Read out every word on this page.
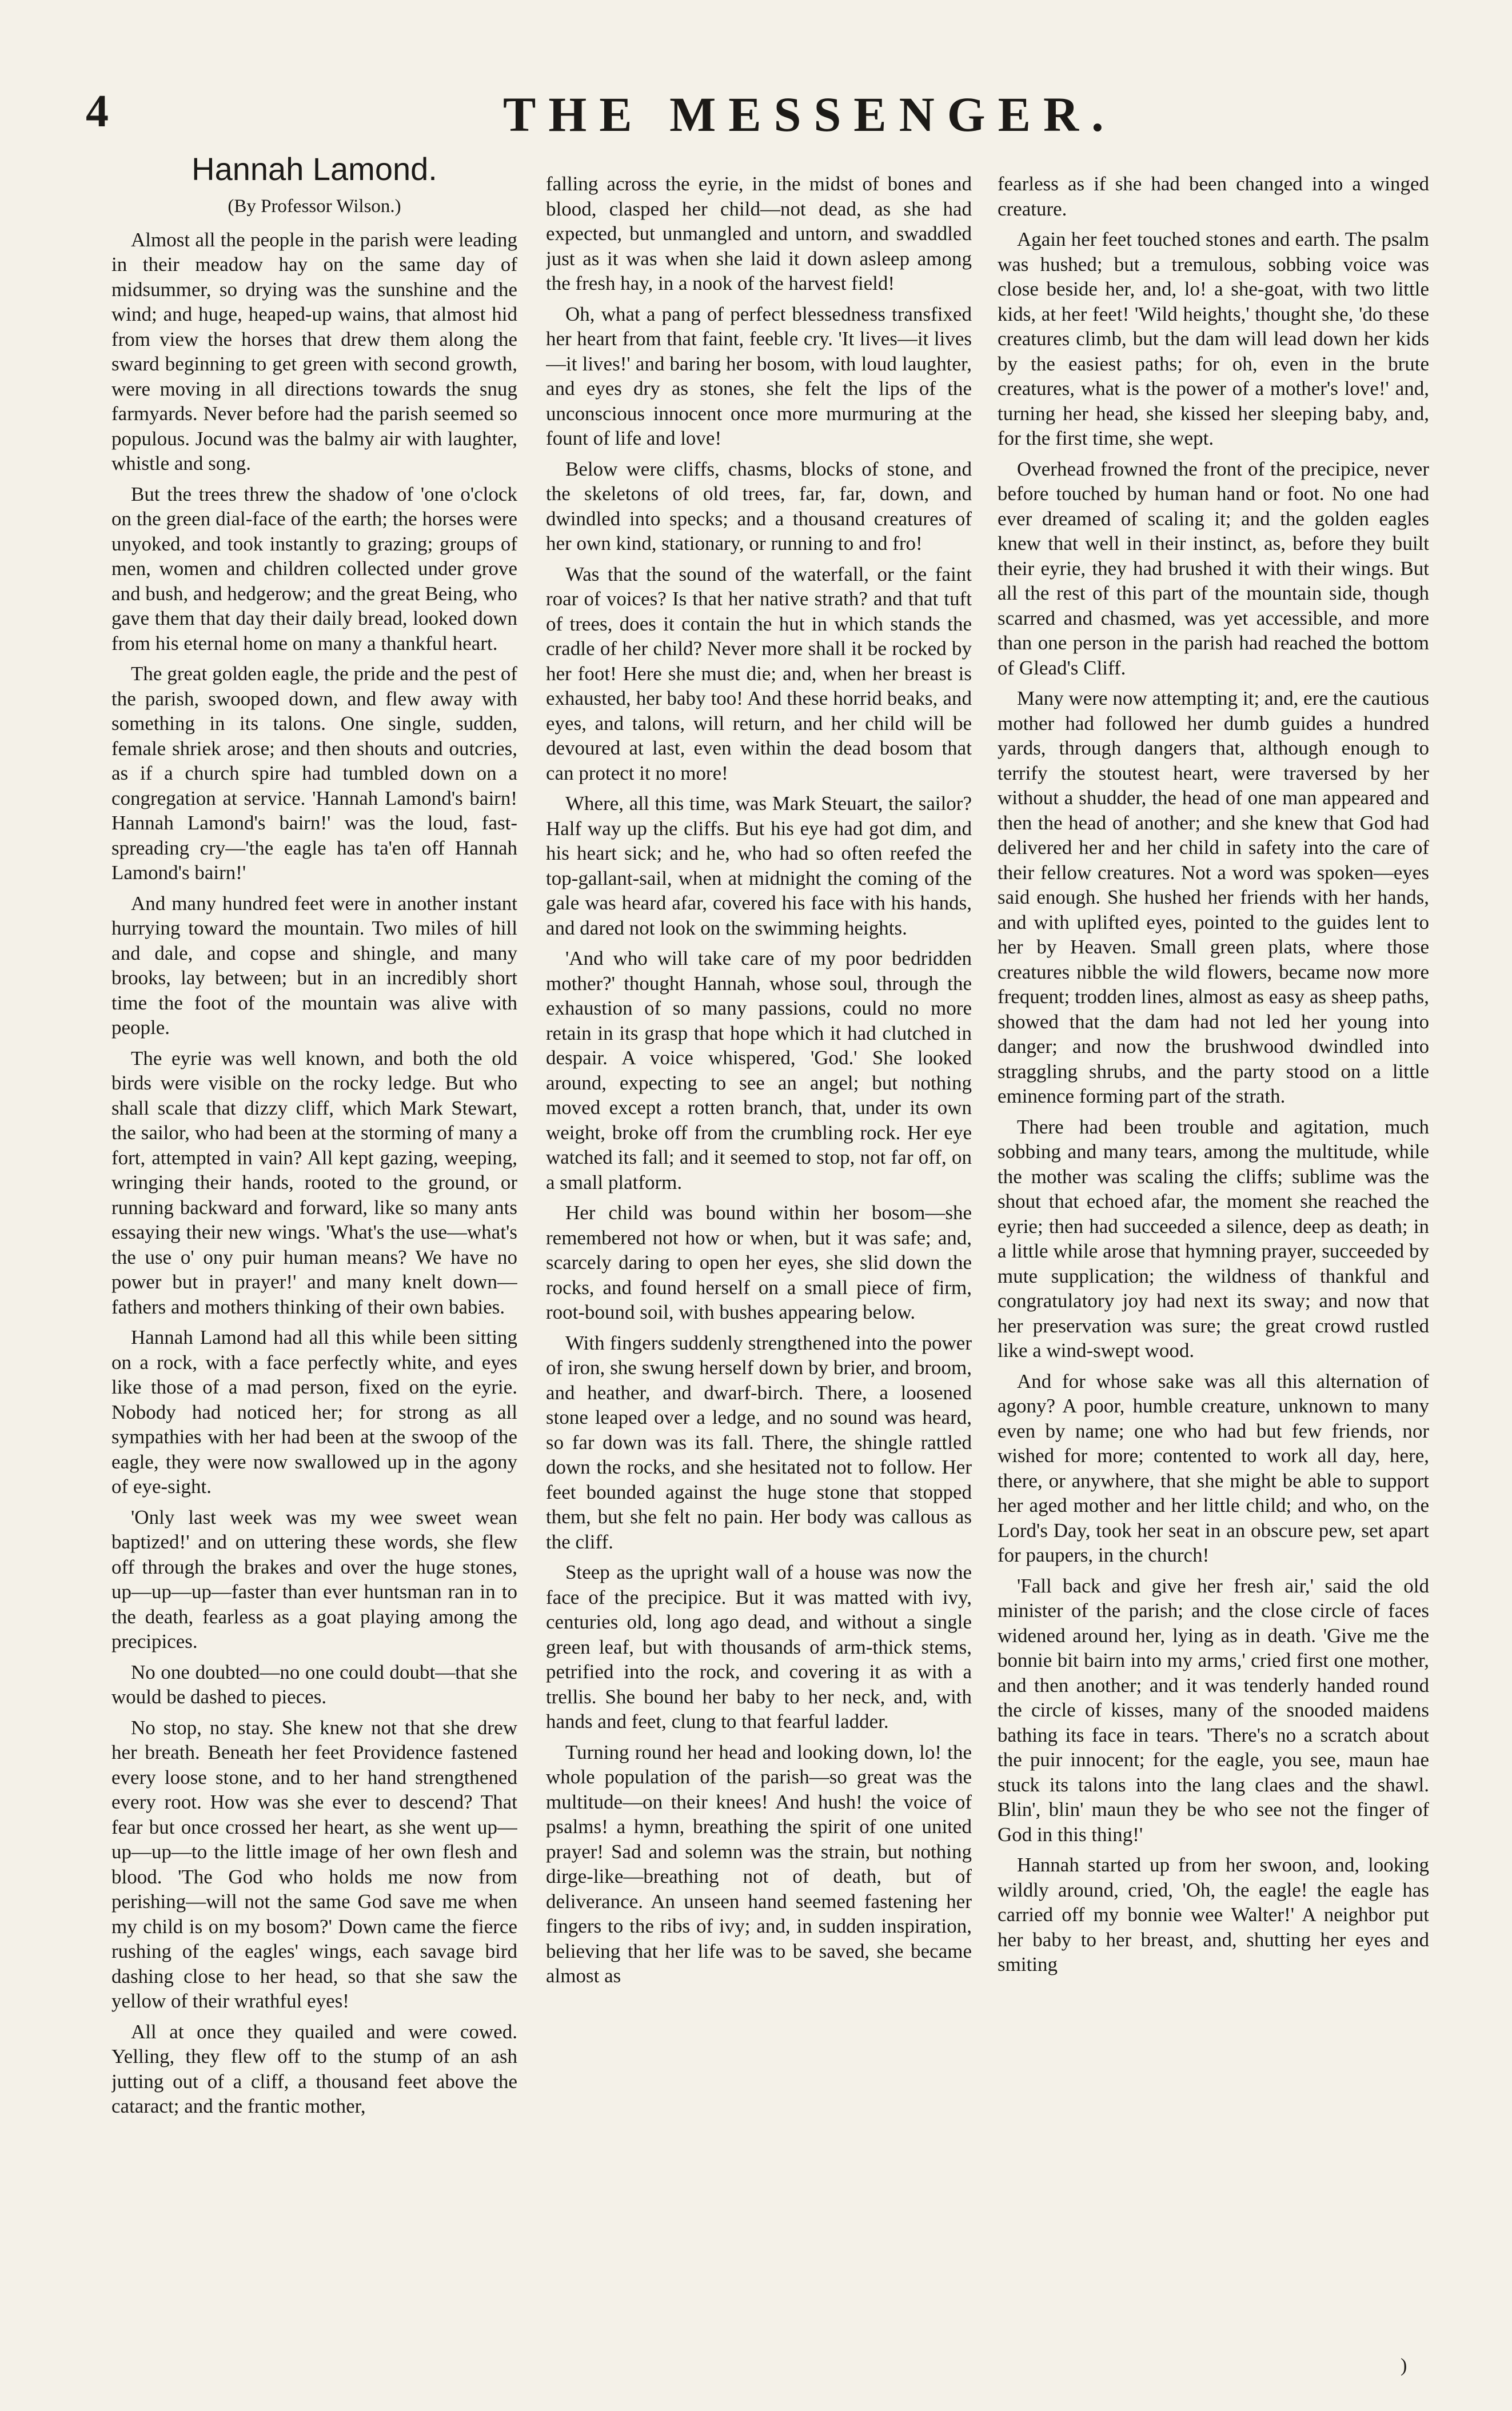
4	THE MESSENGER.
Hannah Lamond.
(By Professor Wilson.)

Almost all the people in the parish were leading in their meadow hay on the same day of midsummer, so drying was the sunshine and the wind; and huge, heaped-up wains, that almost hid from view the horses that drew them along the sward beginning to get green with second growth, were moving in all directions towards the snug farmyards. Never before had the parish seemed so populous. Jocund was the balmy air with laughter, whistle and song.

But the trees threw the shadow of 'one o'clock on the green dial-face of the earth; the horses were unyoked, and took instantly to grazing; groups of men, women and children collected under grove and bush, and hedgerow; and the great Being, who gave them that day their daily bread, looked down from his eternal home on many a thankful heart.

The great golden eagle, the pride and the pest of the parish, swooped down, and flew away with something in its talons. One single, sudden, female shriek arose; and then shouts and outcries, as if a church spire had tumbled down on a congregation at service. 'Hannah Lamond's bairn! Hannah Lamond's bairn!' was the loud, fast-spreading cry—'the eagle has ta'en off Hannah Lamond's bairn!'

And many hundred feet were in another instant hurrying toward the mountain. Two miles of hill and dale, and copse and shingle, and many brooks, lay between; but in an incredibly short time the foot of the mountain was alive with people.

The eyrie was well known, and both the old birds were visible on the rocky ledge. But who shall scale that dizzy cliff, which Mark Stewart, the sailor, who had been at the storming of many a fort, attempted in vain? All kept gazing, weeping, wringing their hands, rooted to the ground, or running backward and forward, like so many ants essaying their new wings. 'What's the use—what's the use o' ony puir human means? We have no power but in prayer!' and many knelt down—fathers and mothers thinking of their own babies.

Hannah Lamond had all this while been sitting on a rock, with a face perfectly white, and eyes like those of a mad person, fixed on the eyrie. Nobody had noticed her; for strong as all sympathies with her had been at the swoop of the eagle, they were now swallowed up in the agony of eye-sight.

'Only last week was my wee sweet wean baptized!' and on uttering these words, she flew off through the brakes and over the huge stones, up—up—up—faster than ever huntsman ran in to the death, fearless as a goat playing among the precipices.

No one doubted—no one could doubt—that she would be dashed to pieces.

No stop, no stay. She knew not that she drew her breath. Beneath her feet Providence fastened every loose stone, and to her hand strengthened every root. How was she ever to descend? That fear but once crossed her heart, as she went up—up—up—to the little image of her own flesh and blood. 'The God who holds me now from perishing—will not the same God save me when my child is on my bosom?' Down came the fierce rushing of the eagles' wings, each savage bird dashing close to her head, so that she saw the yellow of their wrathful eyes!

All at once they quailed and were cowed. Yelling, they flew off to the stump of an ash jutting out of a cliff, a thousand feet above the cataract; and the frantic mother,

falling across the eyrie, in the midst of bones and blood, clasped her child—not dead, as she had expected, but unmangled and untorn, and swaddled just as it was when she laid it down asleep among the fresh hay, in a nook of the harvest field!

Oh, what a pang of perfect blessedness transfixed her heart from that faint, feeble cry. 'It lives—it lives—it lives!' and baring her bosom, with loud laughter, and eyes dry as stones, she felt the lips of the unconscious innocent once more murmuring at the fount of life and love!

Below were cliffs, chasms, blocks of stone, and the skeletons of old trees, far, far, down, and dwindled into specks; and a thousand creatures of her own kind, stationary, or running to and fro!

Was that the sound of the waterfall, or the faint roar of voices? Is that her native strath? and that tuft of trees, does it contain the hut in which stands the cradle of her child? Never more shall it be rocked by her foot! Here she must die; and, when her breast is exhausted, her baby too! And these horrid beaks, and eyes, and talons, will return, and her child will be devoured at last, even within the dead bosom that can protect it no more!

Where, all this time, was Mark Steuart, the sailor? Half way up the cliffs. But his eye had got dim, and his heart sick; and he, who had so often reefed the top-gallant-sail, when at midnight the coming of the gale was heard afar, covered his face with his hands, and dared not look on the swimming heights.

'And who will take care of my poor bedridden mother?' thought Hannah, whose soul, through the exhaustion of so many passions, could no more retain in its grasp that hope which it had clutched in despair. A voice whispered, 'God.' She looked around, expecting to see an angel; but nothing moved except a rotten branch, that, under its own weight, broke off from the crumbling rock. Her eye watched its fall; and it seemed to stop, not far off, on a small platform.

Her child was bound within her bosom—she remembered not how or when, but it was safe; and, scarcely daring to open her eyes, she slid down the rocks, and found herself on a small piece of firm, root-bound soil, with bushes appearing below.

With fingers suddenly strengthened into the power of iron, she swung herself down by brier, and broom, and heather, and dwarf-birch. There, a loosened stone leaped over a ledge, and no sound was heard, so far down was its fall. There, the shingle rattled down the rocks, and she hesitated not to follow. Her feet bounded against the huge stone that stopped them, but she felt no pain. Her body was callous as the cliff.

Steep as the upright wall of a house was now the face of the precipice. But it was matted with ivy, centuries old, long ago dead, and without a single green leaf, but with thousands of arm-thick stems, petrified into the rock, and covering it as with a trellis. She bound her baby to her neck, and, with hands and feet, clung to that fearful ladder.

Turning round her head and looking down, lo! the whole population of the parish—so great was the multitude—on their knees! And hush! the voice of psalms! a hymn, breathing the spirit of one united prayer! Sad and solemn was the strain, but nothing dirge-like—breathing not of death, but of deliverance. An unseen hand seemed fastening her fingers to the ribs of ivy; and, in sudden inspiration, believing that her life was to be saved, she became almost as

fearless as if she had been changed into a winged creature.

Again her feet touched stones and earth. The psalm was hushed; but a tremulous, sobbing voice was close beside her, and, lo! a she-goat, with two little kids, at her feet! 'Wild heights,' thought she, 'do these creatures climb, but the dam will lead down her kids by the easiest paths; for oh, even in the brute creatures, what is the power of a mother's love!' and, turning her head, she kissed her sleeping baby, and, for the first time, she wept.

Overhead frowned the front of the precipice, never before touched by human hand or foot. No one had ever dreamed of scaling it; and the golden eagles knew that well in their instinct, as, before they built their eyrie, they had brushed it with their wings. But all the rest of this part of the mountain side, though scarred and chasmed, was yet accessible, and more than one person in the parish had reached the bottom of Glead's Cliff.

Many were now attempting it; and, ere the cautious mother had followed her dumb guides a hundred yards, through dangers that, although enough to terrify the stoutest heart, were traversed by her without a shudder, the head of one man appeared and then the head of another; and she knew that God had delivered her and her child in safety into the care of their fellow creatures. Not a word was spoken—eyes said enough. She hushed her friends with her hands, and with uplifted eyes, pointed to the guides lent to her by Heaven. Small green plats, where those creatures nibble the wild flowers, became now more frequent; trodden lines, almost as easy as sheep paths, showed that the dam had not led her young into danger; and now the brushwood dwindled into straggling shrubs, and the party stood on a little eminence forming part of the strath.

There had been trouble and agitation, much sobbing and many tears, among the multitude, while the mother was scaling the cliffs; sublime was the shout that echoed afar, the moment she reached the eyrie; then had succeeded a silence, deep as death; in a little while arose that hymning prayer, succeeded by mute supplication; the wildness of thankful and congratulatory joy had next its sway; and now that her preservation was sure; the great crowd rustled like a wind-swept wood.

And for whose sake was all this alternation of agony? A poor, humble creature, unknown to many even by name; one who had but few friends, nor wished for more; contented to work all day, here, there, or anywhere, that she might be able to support her aged mother and her little child; and who, on the Lord's Day, took her seat in an obscure pew, set apart for paupers, in the church!

'Fall back and give her fresh air,' said the old minister of the parish; and the close circle of faces widened around her, lying as in death. 'Give me the bonnie bit bairn into my arms,' cried first one mother, and then another; and it was tenderly handed round the circle of kisses, many of the snooded maidens bathing its face in tears. 'There's no a scratch about the puir innocent; for the eagle, you see, maun hae stuck its talons into the lang claes and the shawl. Blin', blin' maun they be who see not the finger of God in this thing!'

Hannah started up from her swoon, and, looking wildly around, cried, 'Oh, the eagle! the eagle has carried off my bonnie wee Walter!' A neighbor put her baby to her breast, and, shutting her eyes and smiting

)
